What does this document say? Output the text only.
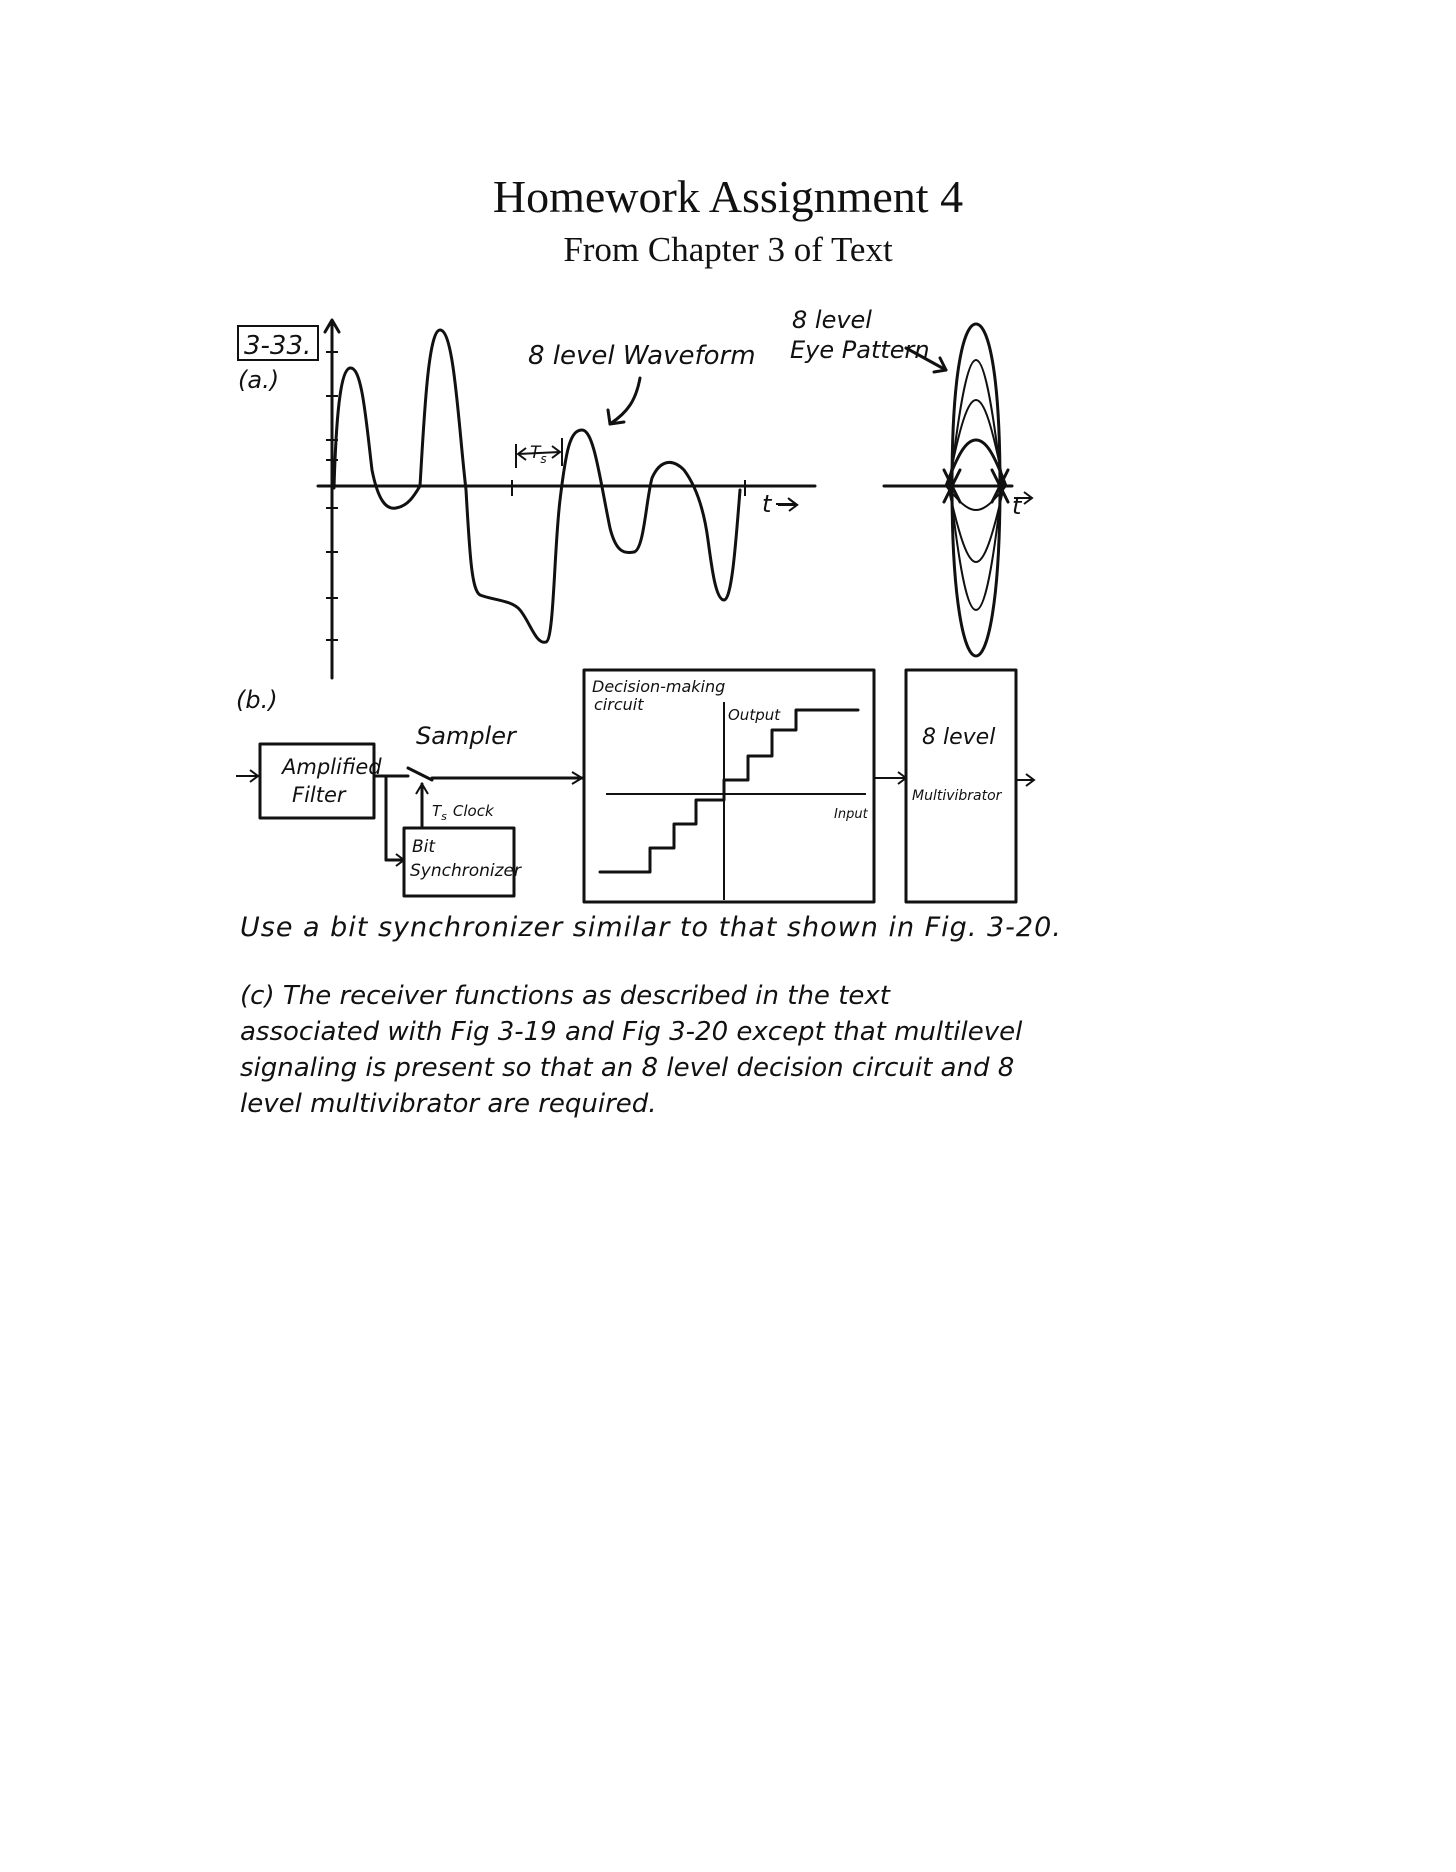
Homework Assignment 4
From Chapter 3 of Text
3-33.
(a.)
t
$T_s$
8 level Waveform
8 level
Eye Pattern
t
(b.)
Amplified
Filter
Sampler
$T_s$ Clock
Bit
Synchronizer
Decision-making
circuit
Output
Input
8 level
Multivibrator
Use a bit synchronizer similar to that shown in Fig. 3-20.
(c) The receiver functions as described in the text associated with Fig 3-19 and Fig 3-20 except that multilevel signaling is present so that an 8 level decision circuit and 8 level multivibrator are required.
